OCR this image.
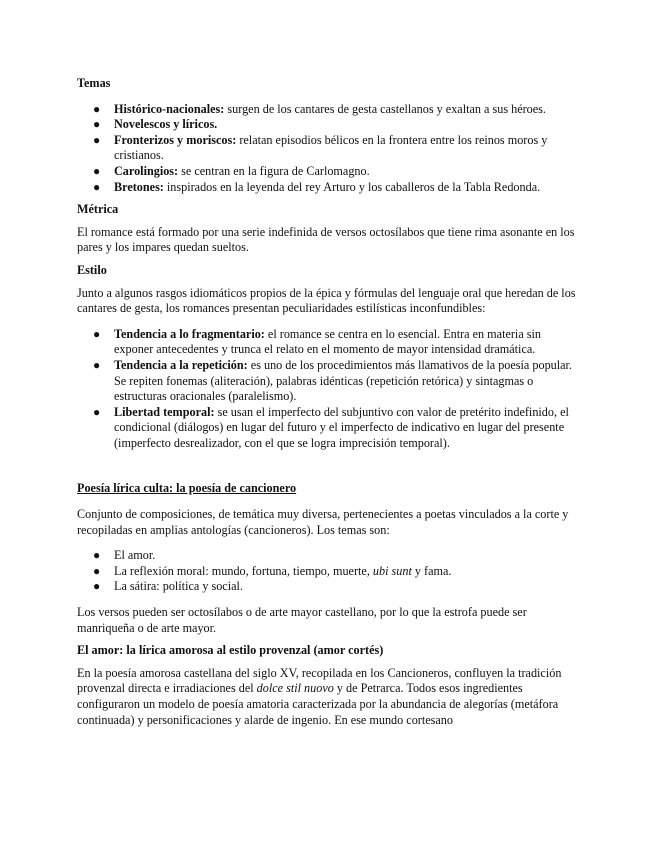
Temas
● Histórico-nacionales: surgen de los cantares de gesta castellanos y exaltan a sus héroes.
● Novelescos y líricos.
● Fronterizos y moriscos: relatan episodios bélicos en la frontera entre los reinos moros y cristianos.
● Carolingios: se centran en la figura de Carlomagno.
● Bretones: inspirados en la leyenda del rey Arturo y los caballeros de la Tabla Redonda.
Métrica

El romance está formado por una serie indefinida de versos octosílabos que tiene rima asonante en los pares y los impares quedan sueltos.

Estilo

Junto a algunos rasgos idiomáticos propios de la épica y fórmulas del lenguaje oral que heredan de los cantares de gesta, los romances presentan peculiaridades estilísticas inconfundibles:

● Tendencia a lo fragmentario: el romance se centra en lo esencial. Entra en materia sin exponer antecedentes y trunca el relato en el momento de mayor intensidad dramática.
● Tendencia a la repetición: es uno de los procedimientos más llamativos de la poesía popular. Se repiten fonemas (aliteración), palabras idénticas (repetición retórica) y sintagmas o estructuras oracionales (paralelismo).
● Libertad temporal: se usan el imperfecto del subjuntivo con valor de pretérito indefinido, el condicional (diálogos) en lugar del futuro y el imperfecto de indicativo en lugar del presente (imperfecto desrealizador, con el que se logra imprecisión temporal).
Poesía lírica culta: la poesía de cancionero

Conjunto de composiciones, de temática muy diversa, pertenecientes a poetas vinculados a la corte y recopiladas en amplias antologías (cancioneros). Los temas son:

● El amor.
● La reflexión moral: mundo, fortuna, tiempo, muerte, ubi sunt y fama.
● La sátira: política y social.

Los versos pueden ser octosílabos o de arte mayor castellano, por lo que la estrofa puede ser manriqueña o de arte mayor.

El amor: la lírica amorosa al estilo provenzal (amor cortés)

En la poesía amorosa castellana del siglo XV, recopilada en los Cancioneros, confluyen la tradición provenzal directa e irradiaciones del dolce stil nuovo y de Petrarca. Todos esos ingredientes configuraron un modelo de poesía amatoria caracterizada por la abundancia de alegorías (metáfora continuada) y personificaciones y alarde de ingenio. En ese mundo cortesano
